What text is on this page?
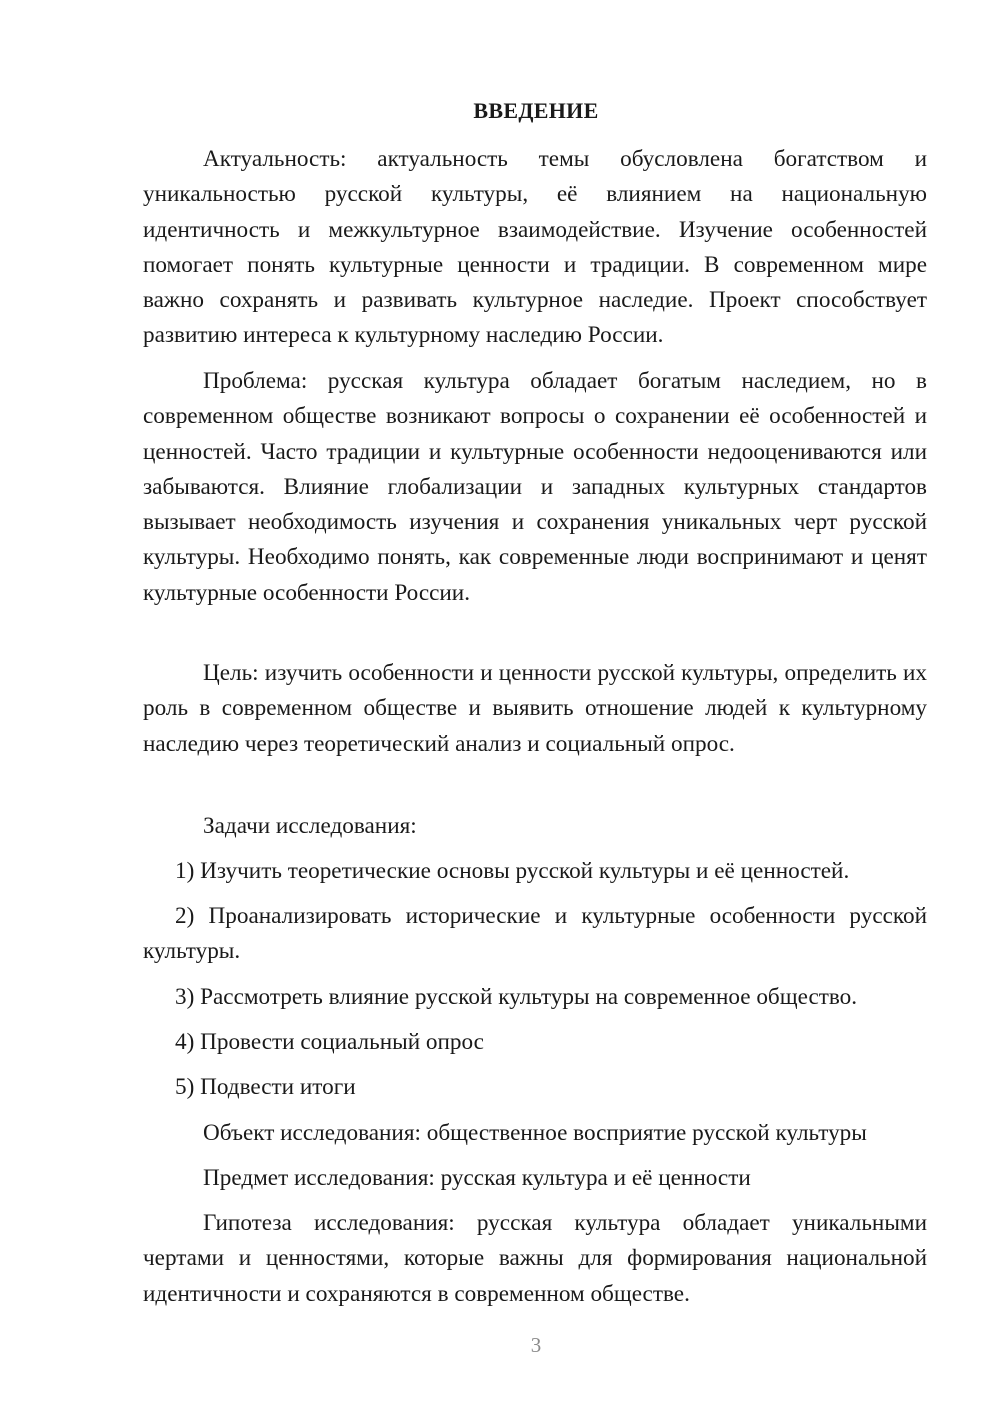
ВВЕДЕНИЕ
Актуальность: актуальность темы обусловлена богатством и уникальностью русской культуры, её влиянием на национальную идентичность и межкультурное взаимодействие. Изучение особенностей помогает понять культурные ценности и традиции. В современном мире важно сохранять и развивать культурное наследие. Проект способствует развитию интереса к культурному наследию России.
Проблема: русская культура обладает богатым наследием, но в современном обществе возникают вопросы о сохранении её особенностей и ценностей. Часто традиции и культурные особенности недооцениваются или забываются. Влияние глобализации и западных культурных стандартов вызывает необходимость изучения и сохранения уникальных черт русской культуры. Необходимо понять, как современные люди воспринимают и ценят культурные особенности России.
Цель: изучить особенности и ценности русской культуры, определить их роль в современном обществе и выявить отношение людей к культурному наследию через теоретический анализ и социальный опрос.
Задачи исследования:
1) Изучить теоретические основы русской культуры и её ценностей.
2) Проанализировать исторические и культурные особенности русской культуры.
3) Рассмотреть влияние русской культуры на современное общество.
4) Провести социальный опрос
5) Подвести итоги
Объект исследования: общественное восприятие русской культуры
Предмет исследования: русская культура и её ценности
Гипотеза исследования: русская культура обладает уникальными чертами и ценностями, которые важны для формирования национальной идентичности и сохраняются в современном обществе.
3
